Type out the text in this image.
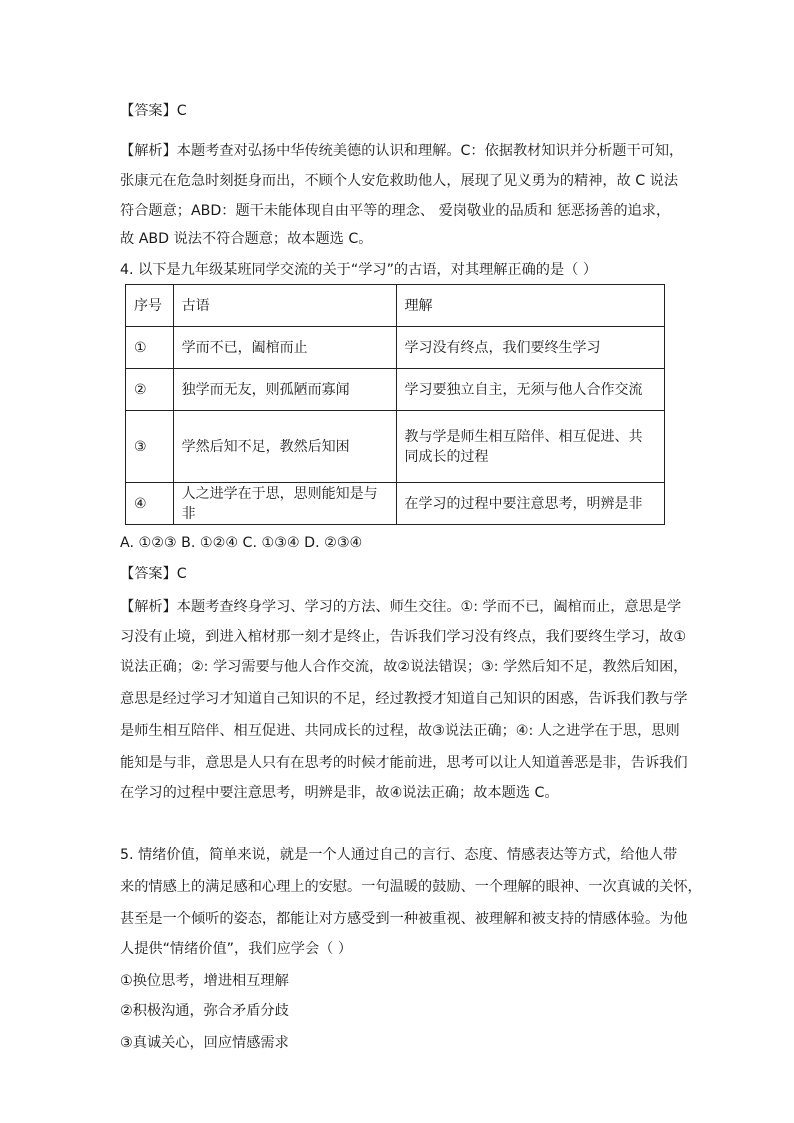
【答案】C
【解析】本题考查对弘扬中华传统美德的认识和理解。C：依据教材知识并分析题干可知，
张康元在危急时刻挺身而出，不顾个人安危救助他人，展现了见义勇为的精神，故 C 说法
符合题意；ABD：题干未能体现自由平等的理念、 爱岗敬业的品质和 惩恶扬善的追求，
故 ABD 说法不符合题意；故本题选 C。
4. 以下是九年级某班同学交流的关于“学习”的古语，对其理解正确的是（ ）
序号	古语	理解
①	学而不已，阖棺而止	学习没有终点，我们要终生学习
②	独学而无友，则孤陋而寡闻	学习要独立自主，无须与他人合作交流
③	学然后知不足，教然后知困	教与学是师生相互陪伴、相互促进、共同成长的过程
④	人之进学在于思，思则能知是与非	在学习的过程中要注意思考，明辨是非
A. ①②③ B. ①②④ C. ①③④ D. ②③④
【答案】C
【解析】本题考查终身学习、学习的方法、师生交往。①: 学而不已，阖棺而止，意思是学
习没有止境，到进入棺材那一刻才是终止，告诉我们学习没有终点，我们要终生学习，故①
说法正确；②: 学习需要与他人合作交流，故②说法错误；③: 学然后知不足，教然后知困，
意思是经过学习才知道自己知识的不足，经过教授才知道自己知识的困惑，告诉我们教与学
是师生相互陪伴、相互促进、共同成长的过程，故③说法正确；④: 人之进学在于思，思则
能知是与非，意思是人只有在思考的时候才能前进，思考可以让人知道善恶是非，告诉我们
在学习的过程中要注意思考，明辨是非，故④说法正确；故本题选 C。
5. 情绪价值，简单来说，就是一个人通过自己的言行、态度、情感表达等方式，给他人带
来的情感上的满足感和心理上的安慰。一句温暖的鼓励、一个理解的眼神、一次真诚的关怀，
甚至是一个倾听的姿态，都能让对方感受到一种被重视、被理解和被支持的情感体验。为他
人提供“情绪价值”，我们应学会（ ）
①换位思考，增进相互理解
②积极沟通，弥合矛盾分歧
③真诚关心，回应情感需求
